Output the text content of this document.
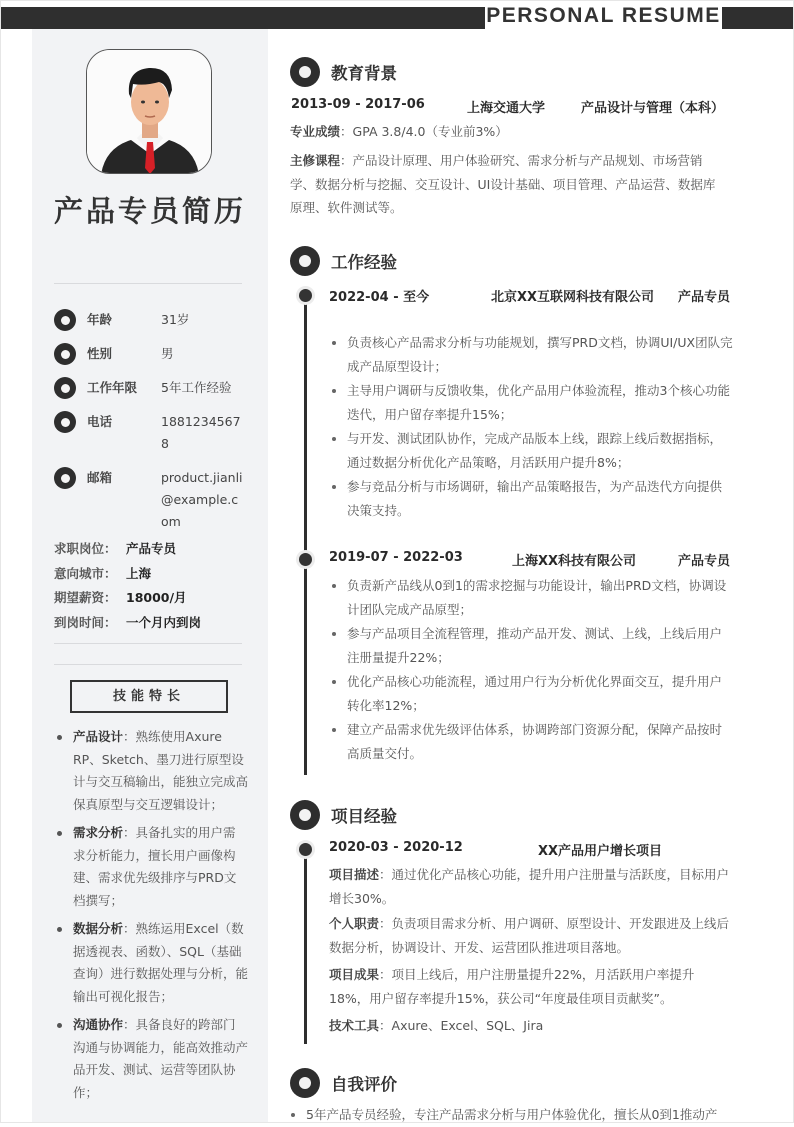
PERSONAL RESUME
产品专员简历
年龄	31岁
性别	男
工作年限	5年工作经验
电话	18812345678
邮箱	product.jianli@example.com
求职岗位： 产品专员
意向城市： 上海
期望薪资： 18000/月
到岗时间： 一个月内到岗
技能特长
产品设计：熟练使用Axure RP、Sketch、墨刀进行原型设计与交互稿输出，能独立完成高保真原型与交互逻辑设计；
需求分析：具备扎实的用户需求分析能力，擅长用户画像构建、需求优先级排序与PRD文档撰写；
数据分析：熟练运用Excel（数据透视表、函数）、SQL（基础查询）进行数据处理与分析，能输出可视化报告；
沟通协作：具备良好的跨部门沟通与协调能力，能高效推动产品开发、测试、运营等团队协作；
教育背景
2013-09 - 2017-06	上海交通大学	产品设计与管理（本科）
专业成绩：GPA 3.8/4.0（专业前3%）
主修课程：产品设计原理、用户体验研究、需求分析与产品规划、市场营销学、数据分析与挖掘、交互设计、UI设计基础、项目管理、产品运营、数据库原理、软件测试等。
工作经验
2022-04 - 至今	北京XX互联网科技有限公司 产品专员
负责核心产品需求分析与功能规划，撰写PRD文档，协调UI/UX团队完成产品原型设计；
主导用户调研与反馈收集，优化产品用户体验流程，推动3个核心功能迭代，用户留存率提升15%；
与开发、测试团队协作，完成产品版本上线，跟踪上线后数据指标，通过数据分析优化产品策略，月活跃用户提升8%；
参与竞品分析与市场调研，输出产品策略报告，为产品迭代方向提供决策支持。
2019-07 - 2022-03	上海XX科技有限公司	产品专员
负责新产品线从0到1的需求挖掘与功能设计，输出PRD文档，协调设计团队完成产品原型；
参与产品项目全流程管理，推动产品开发、测试、上线，上线后用户注册量提升22%；
优化产品核心功能流程，通过用户行为分析优化界面交互，提升用户转化率12%；
建立产品需求优先级评估体系，协调跨部门资源分配，保障产品按时高质量交付。
项目经验
2020-03 - 2020-12	XX产品用户增长项目
项目描述：通过优化产品核心功能，提升用户注册量与活跃度，目标用户增长30%。
个人职责：负责项目需求分析、用户调研、原型设计、开发跟进及上线后数据分析，协调设计、开发、运营团队推进项目落地。
项目成果：项目上线后，用户注册量提升22%，月活跃用户率提升18%，用户留存率提升15%，获公司“年度最佳项目贡献奖”。
技术工具：Axure、Excel、SQL、Jira
自我评价
5年产品专员经验，专注产品需求分析与用户体验优化，擅长从0到1推动产
